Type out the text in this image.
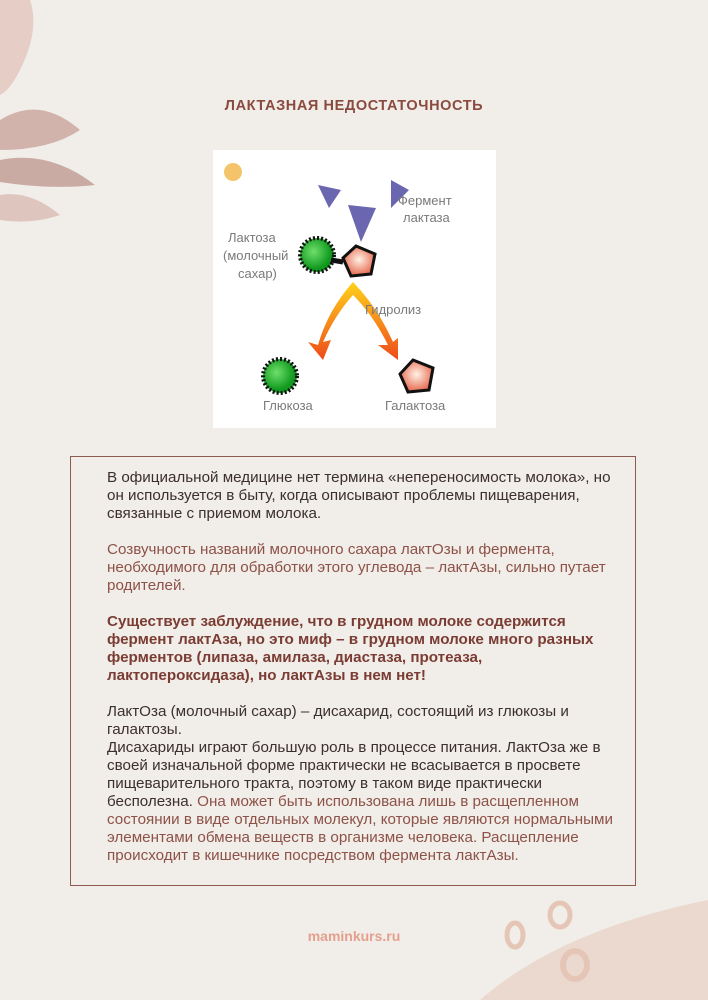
ЛАКТАЗНАЯ НЕДОСТАТОЧНОСТЬ
Фермент
лактаза
Лактоза
(молочный
сахар)
Гидролиз
Глюкоза	Галактоза

В официальной медицине нет термина «непереносимость молока», но он используется в быту, когда описывают проблемы пищеварения, связанные с приемом молока.

Созвучность названий молочного сахара лактОзы и фермента, необходимого для обработки этого углевода – лактАзы, сильно путает родителей.

Существует заблуждение, что в грудном молоке содержится фермент лактАза, но это миф – в грудном молоке много разных ферментов (липаза, амилаза, диастаза, протеаза, лактопероксидаза), но лактАзы в нем нет!

ЛактОза (молочный сахар) – дисахарид, состоящий из глюкозы и галактозы.

Дисахариды играют большую роль в процессе питания. ЛактОза же в своей изначальной форме практически не всасывается в просвете пищеварительного тракта, поэтому в таком виде практически бесполезна. Она может быть использована лишь в расщепленном состоянии в виде отдельных молекул, которые являются нормальными элементами обмена веществ в организме человека. Расщепление происходит в кишечнике посредством фермента лактАзы.

maminkurs.ru
